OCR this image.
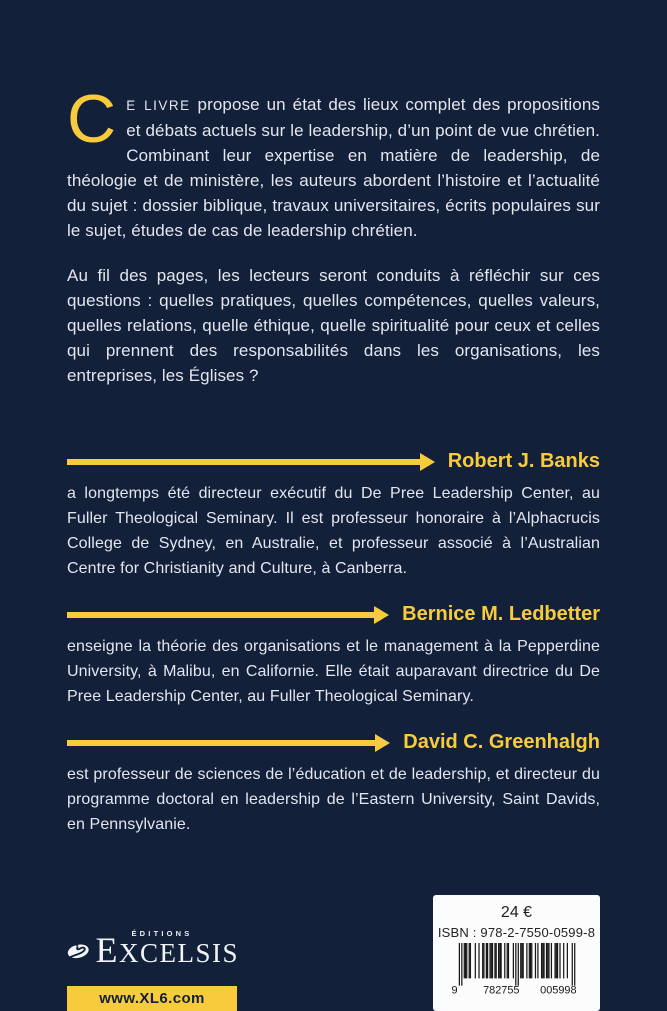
C E LIVRE propose un état des lieux complet des propositions et débats actuels sur le leadership, d’un point de vue chrétien. Combinant leur expertise en matière de leadership, de théologie et de ministère, les auteurs abordent l’histoire et l’actualité du sujet : dossier biblique, travaux universitaires, écrits populaires sur le sujet, études de cas de leadership chrétien.

Au fil des pages, les lecteurs seront conduits à réfléchir sur ces questions : quelles pratiques, quelles compétences, quelles valeurs, quelles relations, quelle éthique, quelle spiritualité pour ceux et celles qui prennent des responsabilités dans les organisations, les entreprises, les Églises ?

Robert J. Banks

a longtemps été directeur exécutif du De Pree Leadership Center, au Fuller Theological Seminary. Il est professeur honoraire à l’Alphacrucis College de Sydney, en Australie, et professeur associé à l’Australian Centre for Christianity and Culture, à Canberra.

Bernice M. Ledbetter

enseigne la théorie des organisations et le management à la Pepperdine University, à Malibu, en Californie. Elle était auparavant directrice du De Pree Leadership Center, au Fuller Theological Seminary.

David C. Greenhalgh

est professeur de sciences de l’éducation et de leadership, et directeur du programme doctoral en leadership de l’Eastern University, Saint Davids, en Pennsylvanie.

ÉDITIONS
EXCELSIS
www.XL6.com
24 €
ISBN : 978-2-7550-0599-8
9 782755 005998
